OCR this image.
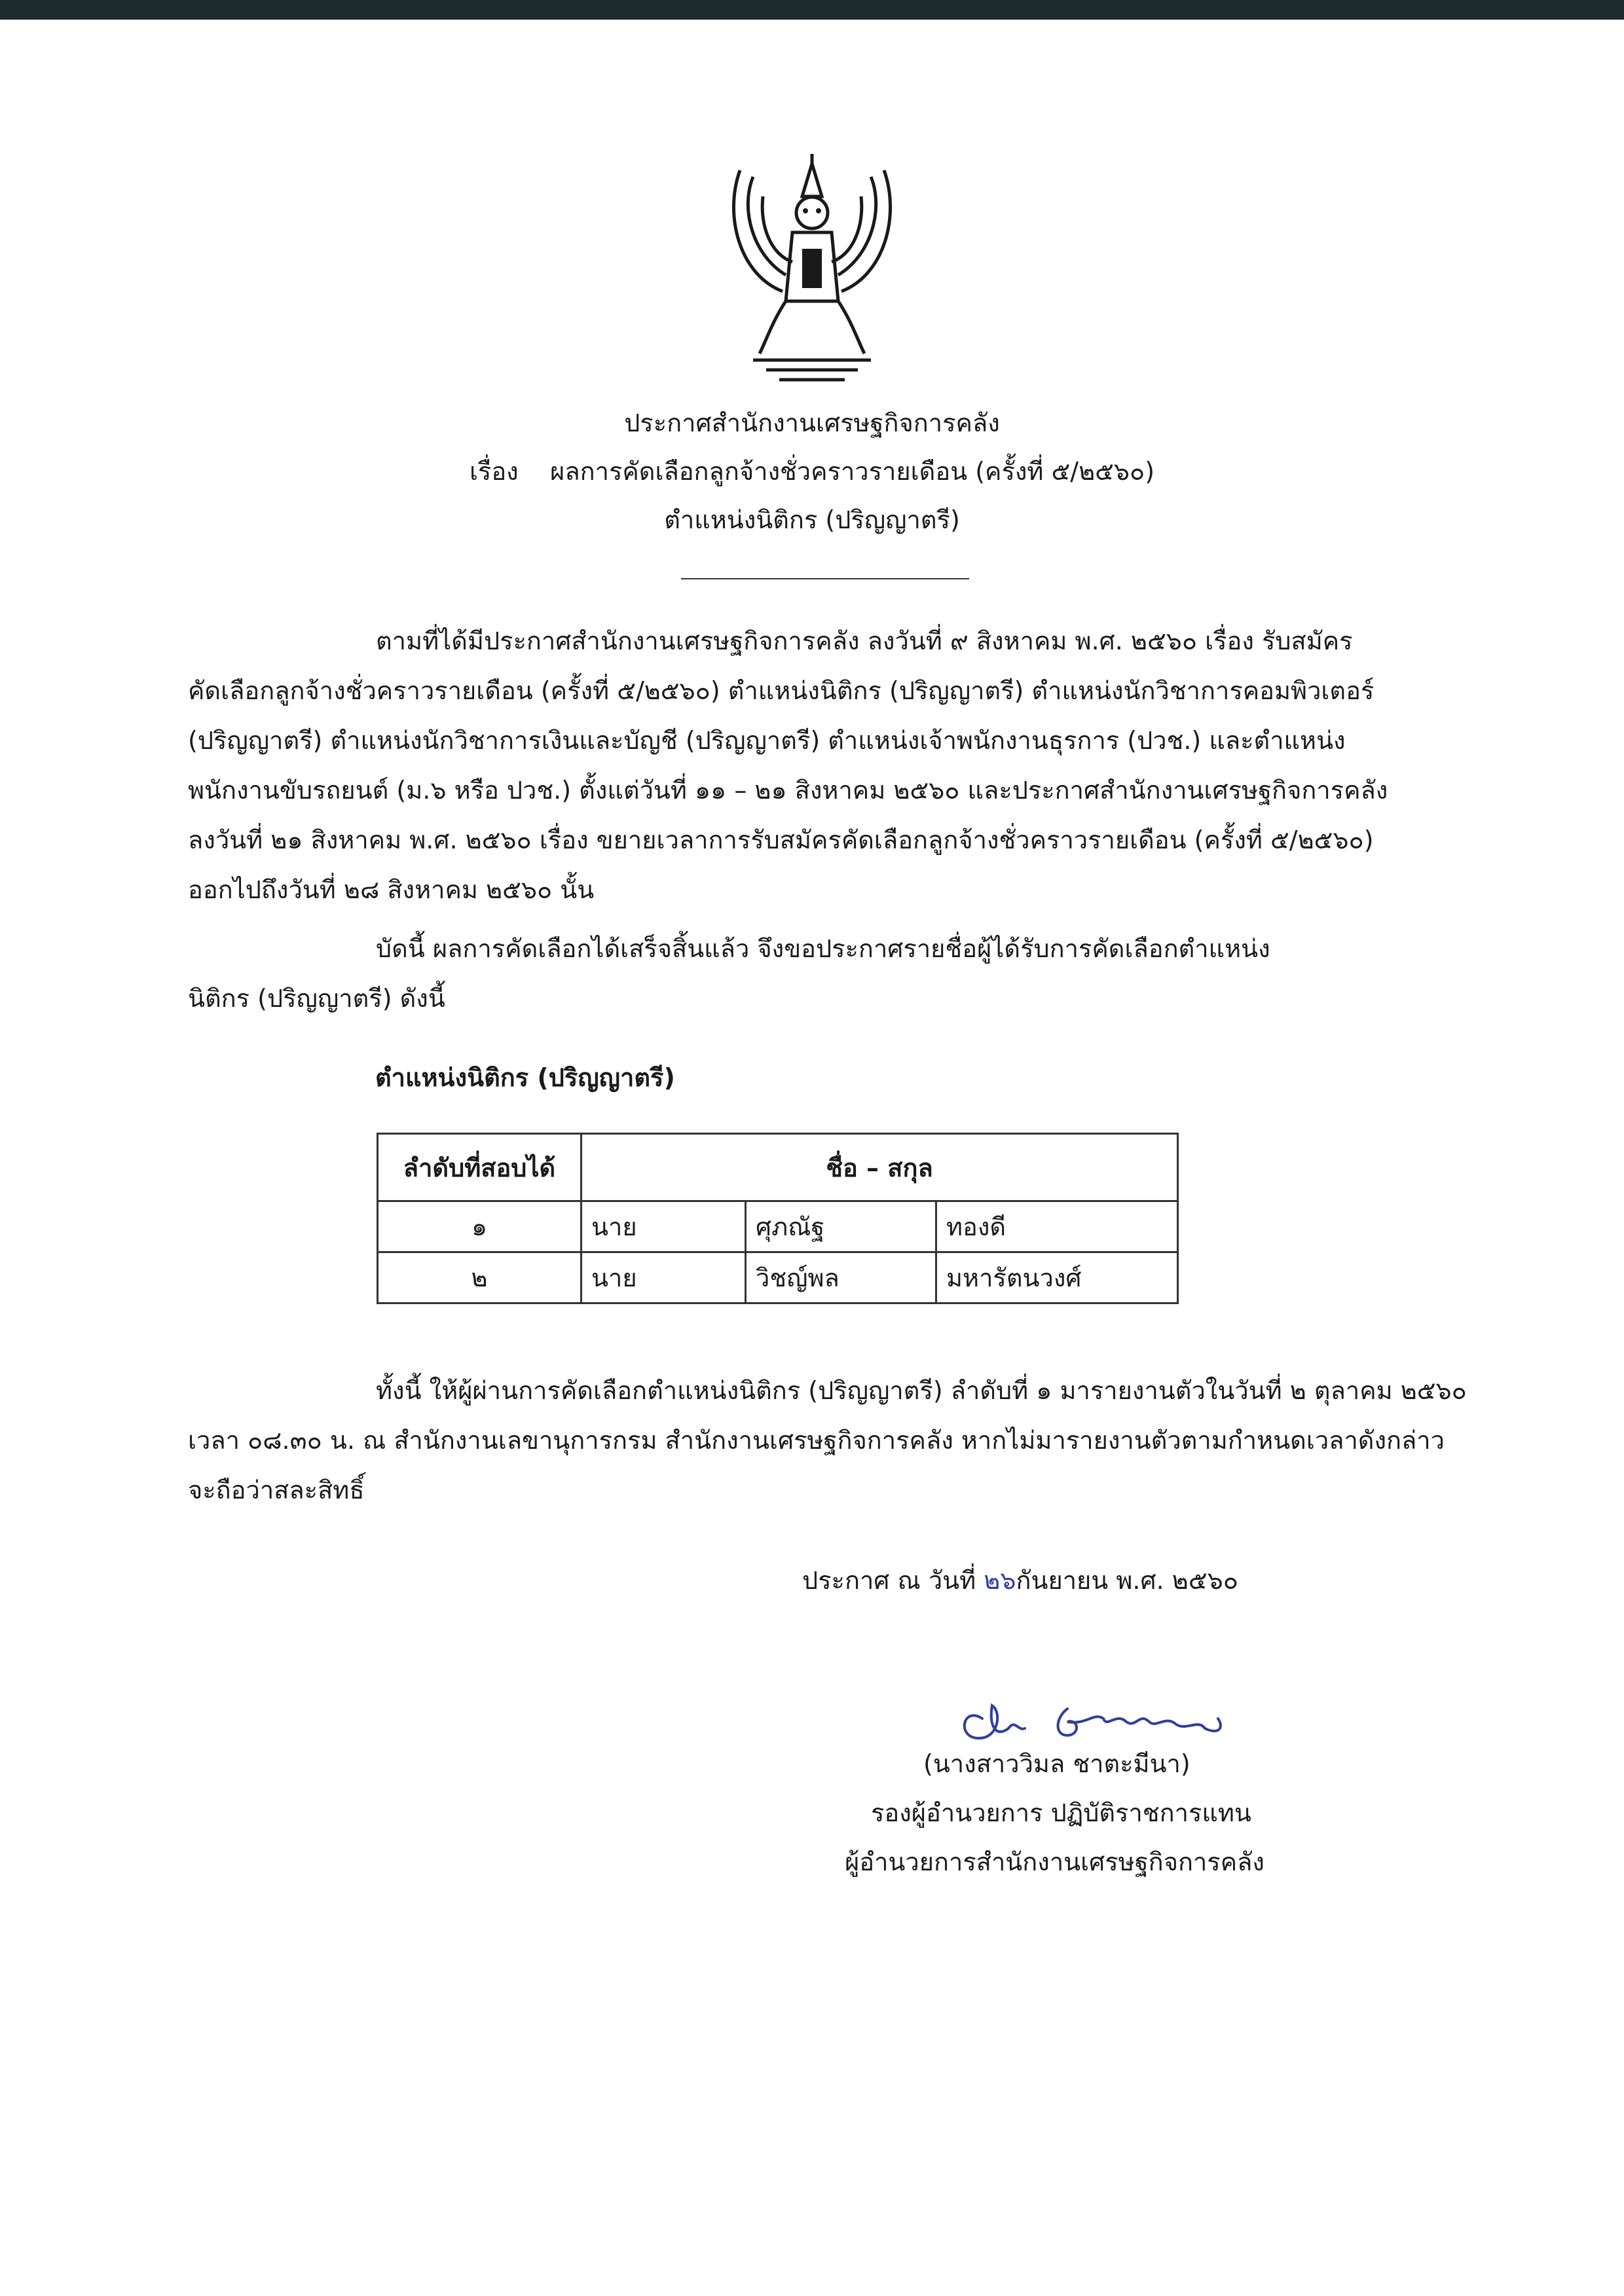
ประกาศสำนักงานเศรษฐกิจการคลัง
เรื่อง ผลการคัดเลือกลูกจ้างชั่วคราวรายเดือน (ครั้งที่ ๕/๒๕๖๐)
ตำแหน่งนิติกร (ปริญญาตรี)
ตามที่ได้มีประกาศสำนักงานเศรษฐกิจการคลัง ลงวันที่ ๙ สิงหาคม พ.ศ. ๒๕๖๐ เรื่อง รับสมัคร
คัดเลือกลูกจ้างชั่วคราวรายเดือน (ครั้งที่ ๕/๒๕๖๐) ตำแหน่งนิติกร (ปริญญาตรี) ตำแหน่งนักวิชาการคอมพิวเตอร์
(ปริญญาตรี) ตำแหน่งนักวิชาการเงินและบัญชี (ปริญญาตรี) ตำแหน่งเจ้าพนักงานธุรการ (ปวช.) และตำแหน่ง
พนักงานขับรถยนต์ (ม.๖ หรือ ปวช.) ตั้งแต่วันที่ ๑๑ – ๒๑ สิงหาคม ๒๕๖๐ และประกาศสำนักงานเศรษฐกิจการคลัง
ลงวันที่ ๒๑ สิงหาคม พ.ศ. ๒๕๖๐ เรื่อง ขยายเวลาการรับสมัครคัดเลือกลูกจ้างชั่วคราวรายเดือน (ครั้งที่ ๕/๒๕๖๐)
ออกไปถึงวันที่ ๒๘ สิงหาคม ๒๕๖๐ นั้น
บัดนี้ ผลการคัดเลือกได้เสร็จสิ้นแล้ว จึงขอประกาศรายชื่อผู้ได้รับการคัดเลือกตำแหน่ง
นิติกร (ปริญญาตรี) ดังนี้
ตำแหน่งนิติกร (ปริญญาตรี)
ลำดับที่สอบได้	ชื่อ – สกุล		
๑	นาย	ศุภณัฐ	ทองดี
๒	นาย	วิชญ์พล	มหารัตนวงศ์
ทั้งนี้ ให้ผู้ผ่านการคัดเลือกตำแหน่งนิติกร (ปริญญาตรี) ลำดับที่ ๑ มารายงานตัวในวันที่ ๒ ตุลาคม ๒๕๖๐
เวลา ๐๘.๓๐ น. ณ สำนักงานเลขานุการกรม สำนักงานเศรษฐกิจการคลัง หากไม่มารายงานตัวตามกำหนดเวลาดังกล่าว
จะถือว่าสละสิทธิ์
ประกาศ ณ วันที่ ๒๖กันยายน พ.ศ. ๒๕๖๐
(นางสาววิมล ชาตะมีนา)
รองผู้อำนวยการ ปฏิบัติราชการแทน
ผู้อำนวยการสำนักงานเศรษฐกิจการคลัง
